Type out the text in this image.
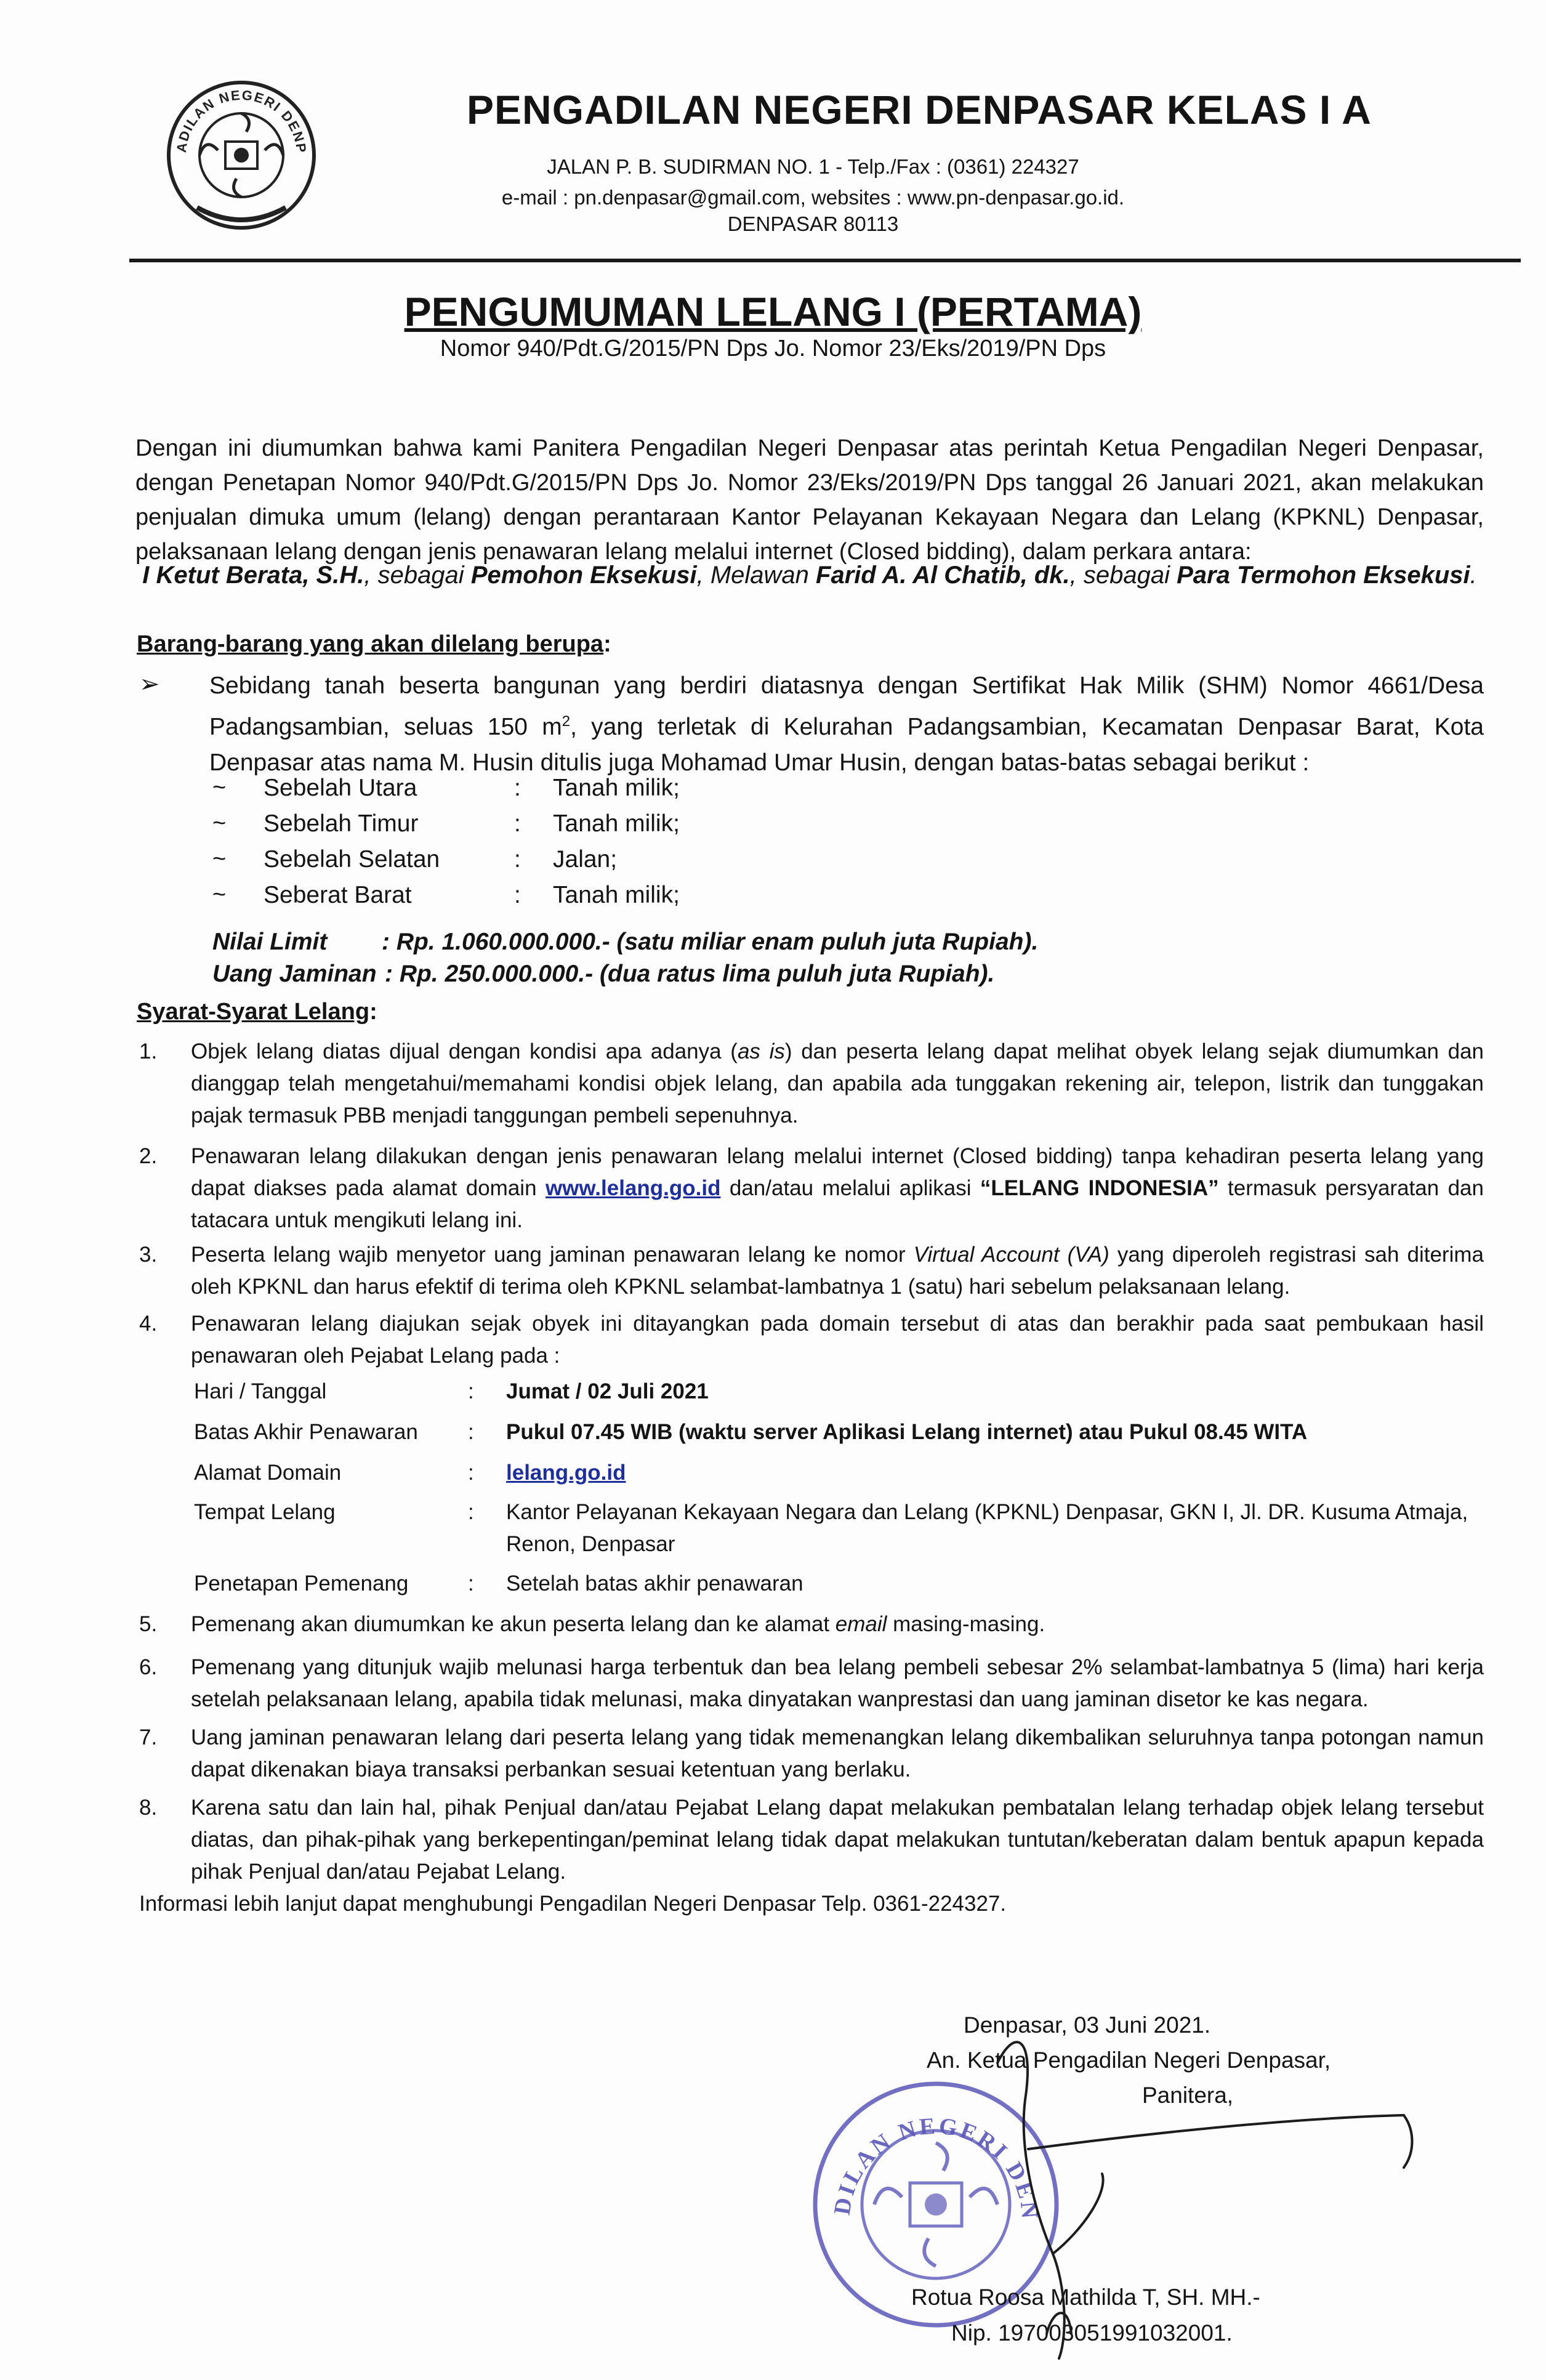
ADILAN NEGERI DENP
PENGADILAN NEGERI DENPASAR KELAS I A
JALAN P. B. SUDIRMAN NO. 1 - Telp./Fax : (0361) 224327
e-mail : pn.denpasar@gmail.com, websites : www.pn-denpasar.go.id.
DENPASAR 80113
PENGUMUMAN LELANG I (PERTAMA)
Nomor 940/Pdt.G/2015/PN Dps Jo. Nomor 23/Eks/2019/PN Dps
Dengan ini diumumkan bahwa kami Panitera Pengadilan Negeri Denpasar atas perintah Ketua Pengadilan Negeri Denpasar, dengan Penetapan Nomor 940/Pdt.G/2015/PN Dps Jo. Nomor 23/Eks/2019/PN Dps tanggal 26 Januari 2021, akan melakukan penjualan dimuka umum (lelang) dengan perantaraan Kantor Pelayanan Kekayaan Negara dan Lelang (KPKNL) Denpasar, pelaksanaan lelang dengan jenis penawaran lelang melalui internet (Closed bidding), dalam perkara antara:
I Ketut Berata, S.H., sebagai Pemohon Eksekusi, Melawan Farid A. Al Chatib, dk., sebagai Para Termohon Eksekusi.
Barang-barang yang akan dilelang berupa:
➢ Sebidang tanah beserta bangunan yang berdiri diatasnya dengan Sertifikat Hak Milik (SHM) Nomor 4661/Desa Padangsambian, seluas 150 $m^2$, yang terletak di Kelurahan Padangsambian, Kecamatan Denpasar Barat, Kota Denpasar atas nama M. Husin ditulis juga Mohamad Umar Husin, dengan batas-batas sebagai berikut :
~ Sebelah Utara	: Tanah milik;
~ Sebelah Timur	: Tanah milik;
~ Sebelah Selatan	: Jalan;
~ Seberat Barat	: Tanah milik;
Nilai Limit : Rp. 1.060.000.000.- (satu miliar enam puluh juta Rupiah).
Uang Jaminan : Rp. 250.000.000.- (dua ratus lima puluh juta Rupiah).
Syarat-Syarat Lelang:
1. Objek lelang diatas dijual dengan kondisi apa adanya (as is) dan peserta lelang dapat melihat obyek lelang sejak diumumkan dan dianggap telah mengetahui/memahami kondisi objek lelang, dan apabila ada tunggakan rekening air, telepon, listrik dan tunggakan pajak termasuk PBB menjadi tanggungan pembeli sepenuhnya.
2. Penawaran lelang dilakukan dengan jenis penawaran lelang melalui internet (Closed bidding) tanpa kehadiran peserta lelang yang dapat diakses pada alamat domain www.lelang.go.id dan/atau melalui aplikasi “LELANG INDONESIA” termasuk persyaratan dan tatacara untuk mengikuti lelang ini.
3. Peserta lelang wajib menyetor uang jaminan penawaran lelang ke nomor Virtual Account (VA) yang diperoleh registrasi sah diterima oleh KPKNL dan harus efektif di terima oleh KPKNL selambat-lambatnya 1 (satu) hari sebelum pelaksanaan lelang.
4. Penawaran lelang diajukan sejak obyek ini ditayangkan pada domain tersebut di atas dan berakhir pada saat pembukaan hasil penawaran oleh Pejabat Lelang pada :
Hari / Tanggal	: Jumat / 02 Juli 2021
Batas Akhir Penawaran : Pukul 07.45 WIB (waktu server Aplikasi Lelang internet) atau Pukul 08.45 WITA
Alamat Domain	: lelang.go.id
Tempat Lelang	: Kantor Pelayanan Kekayaan Negara dan Lelang (KPKNL) Denpasar, GKN I, Jl. DR. Kusuma Atmaja, Renon, Denpasar
Penetapan Pemenang	: Setelah batas akhir penawaran
5. Pemenang akan diumumkan ke akun peserta lelang dan ke alamat email masing-masing.
6. Pemenang yang ditunjuk wajib melunasi harga terbentuk dan bea lelang pembeli sebesar 2% selambat-lambatnya 5 (lima) hari kerja setelah pelaksanaan lelang, apabila tidak melunasi, maka dinyatakan wanprestasi dan uang jaminan disetor ke kas negara.
7. Uang jaminan penawaran lelang dari peserta lelang yang tidak memenangkan lelang dikembalikan seluruhnya tanpa potongan namun dapat dikenakan biaya transaksi perbankan sesuai ketentuan yang berlaku.
8. Karena satu dan lain hal, pihak Penjual dan/atau Pejabat Lelang dapat melakukan pembatalan lelang terhadap objek lelang tersebut diatas, dan pihak-pihak yang berkepentingan/peminat lelang tidak dapat melakukan tuntutan/keberatan dalam bentuk apapun kepada pihak Penjual dan/atau Pejabat Lelang.
Informasi lebih lanjut dapat menghubungi Pengadilan Negeri Denpasar Telp. 0361-224327.
DILAN NEGERI DEN
Denpasar, 03 Juni 2021.
An. Ketua Pengadilan Negeri Denpasar,
Panitera,
Rotua Roosa Mathilda T, SH. MH.-
Nip. 197003051991032001.
